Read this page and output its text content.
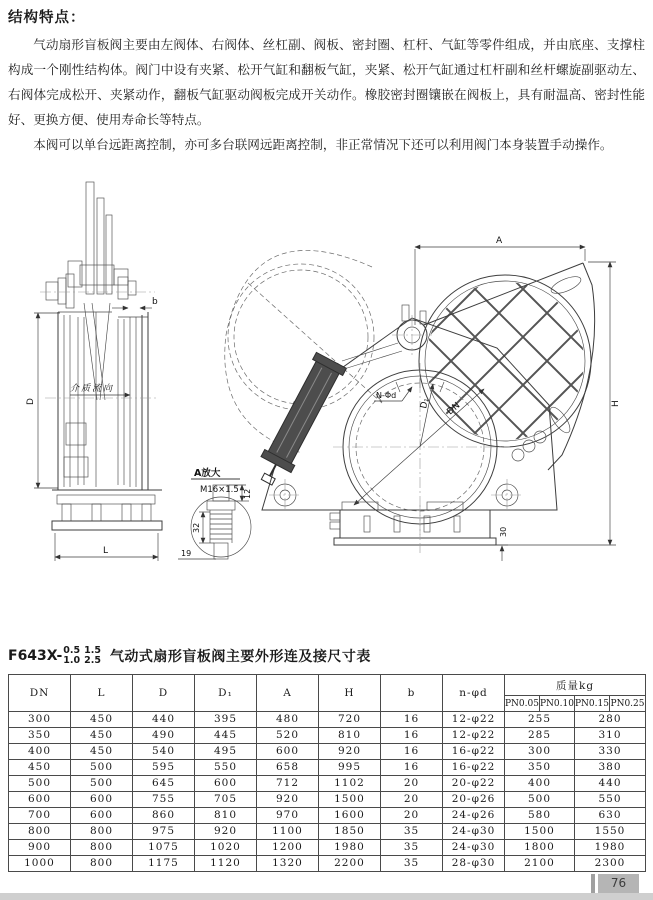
结构特点：

气动扇形盲板阀主要由左阀体、右阀体、丝杠副、阀板、密封圈、杠杆、气缸等零件组成，并由底座、支撑柱构成一个刚性结构体。阀门中设有夹紧、松开气缸和翻板气缸，夹紧、松开气缸通过杠杆副和丝杆螺旋副驱动左、右阀体完成松开、夹紧动作，翻板气缸驱动阀板完成开关动作。橡胶密封圈镶嵌在阀板上，具有耐温高、密封性能好、更换方便、使用寿命长等特点。

本阀可以单台远距离控制，亦可多台联网远距离控制，非正常情况下还可以利用阀门本身装置手动操作。

b
D
介质流向
L
A放大
M16×1.5 12
32
19
DN
D₁
N-Φd
30
A
H
F643X- 0.5
1.0
1.5
2.5 气动式扇形盲板阀主要外形连及接尺寸表
DN	L	D	D₁	A	H	b	n-φd	质量kg			
								PN0.05	PN0.10	PN0.15	PN0.25
300	450	440	395	480	720	16	12-φ22	255		280	
350	450	490	445	520	810	16	12-φ22	285		310	
400	450	540	495	600	920	16	16-φ22	300		330	
450	500	595	550	658	995	16	16-φ22	350		380	
500	500	645	600	712	1102	20	20-φ22	400		440	
600	600	755	705	920	1500	20	20-φ26	500		550	
700	600	860	810	970	1600	20	24-φ26	580		630	
800	800	975	920	1100	1850	35	24-φ30	1500		1550	
900	800	1075	1020	1200	1980	35	24-φ30	1800		1980	
1000	800	1175	1120	1320	2200	35	28-φ30	2100		2300	
76
